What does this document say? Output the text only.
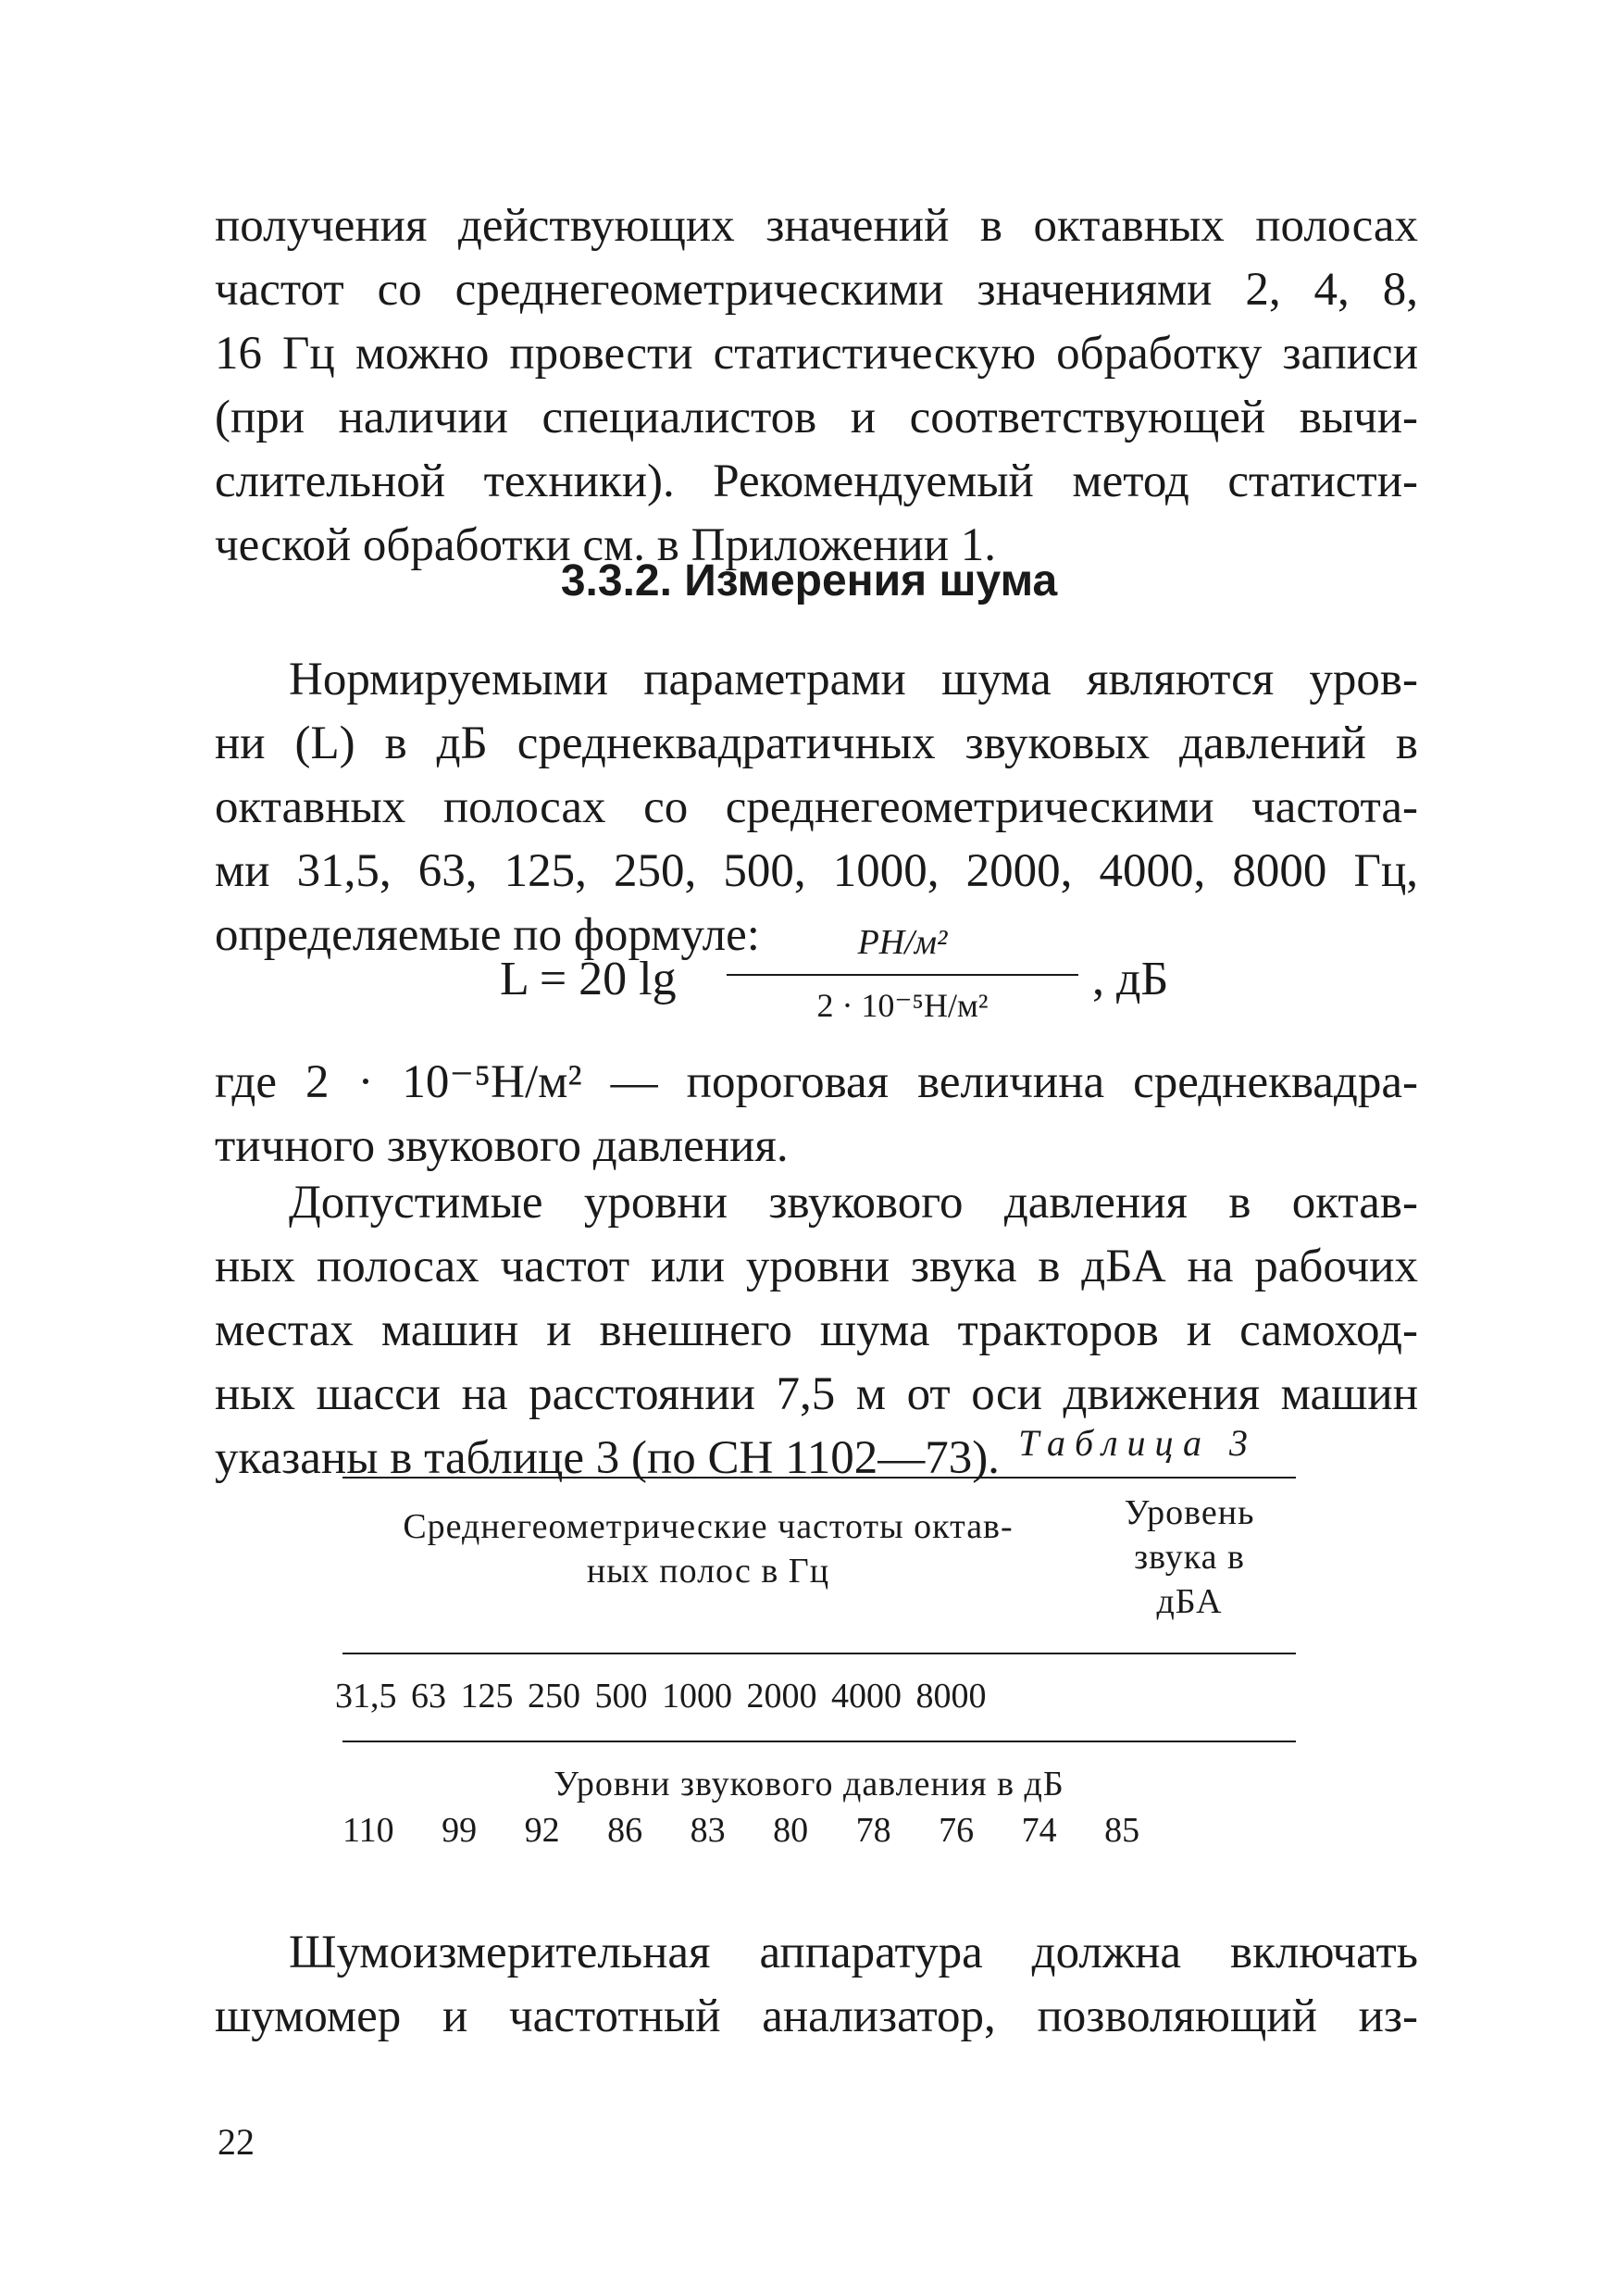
получения действующих значений в октавных полосах
частот со среднегеометрическими значениями 2, 4, 8,
16 Гц можно провести статистическую обработку записи
(при наличии специалистов и соответствующей вычи-
слительной техники). Рекомендуемый метод статисти-
ческой обработки см. в Приложении 1.

3.3.2. Измерения шума

Нормируемыми параметрами шума являются уров-
ни (L) в дБ среднеквадратичных звуковых давлений в
октавных полосах со среднегеометрическими частота-
ми 31,5, 63, 125, 250, 500, 1000, 2000, 4000, 8000 Гц,
определяемые по формуле:

L = 20 lg
PH/м²
2 · 10⁻⁵Н/м²	, дБ

где 2 · 10⁻⁵Н/м² — пороговая величина среднеквадра-
тичного звукового давления.

Допустимые уровни звукового давления в октав-
ных полосах частот или уровни звука в дБА на рабочих
местах машин и внешнего шума тракторов и самоход-
ных шасси на расстоянии 7,5 м от оси движения машин
указаны в таблице 3 (по СН 1102—73). Таблица 3
Среднегеометрические частоты октав-
ных полос в Гц
Уровень
звука в
дБА
31,5 63 125 250 500 1000 2000 4000 8000
Уровни звукового давления в дБ
110 99 92 86 83 80 78 76 74 85

Шумоизмерительная аппаратура должна включать
шумомер и частотный анализатор, позволяющий из-

22
